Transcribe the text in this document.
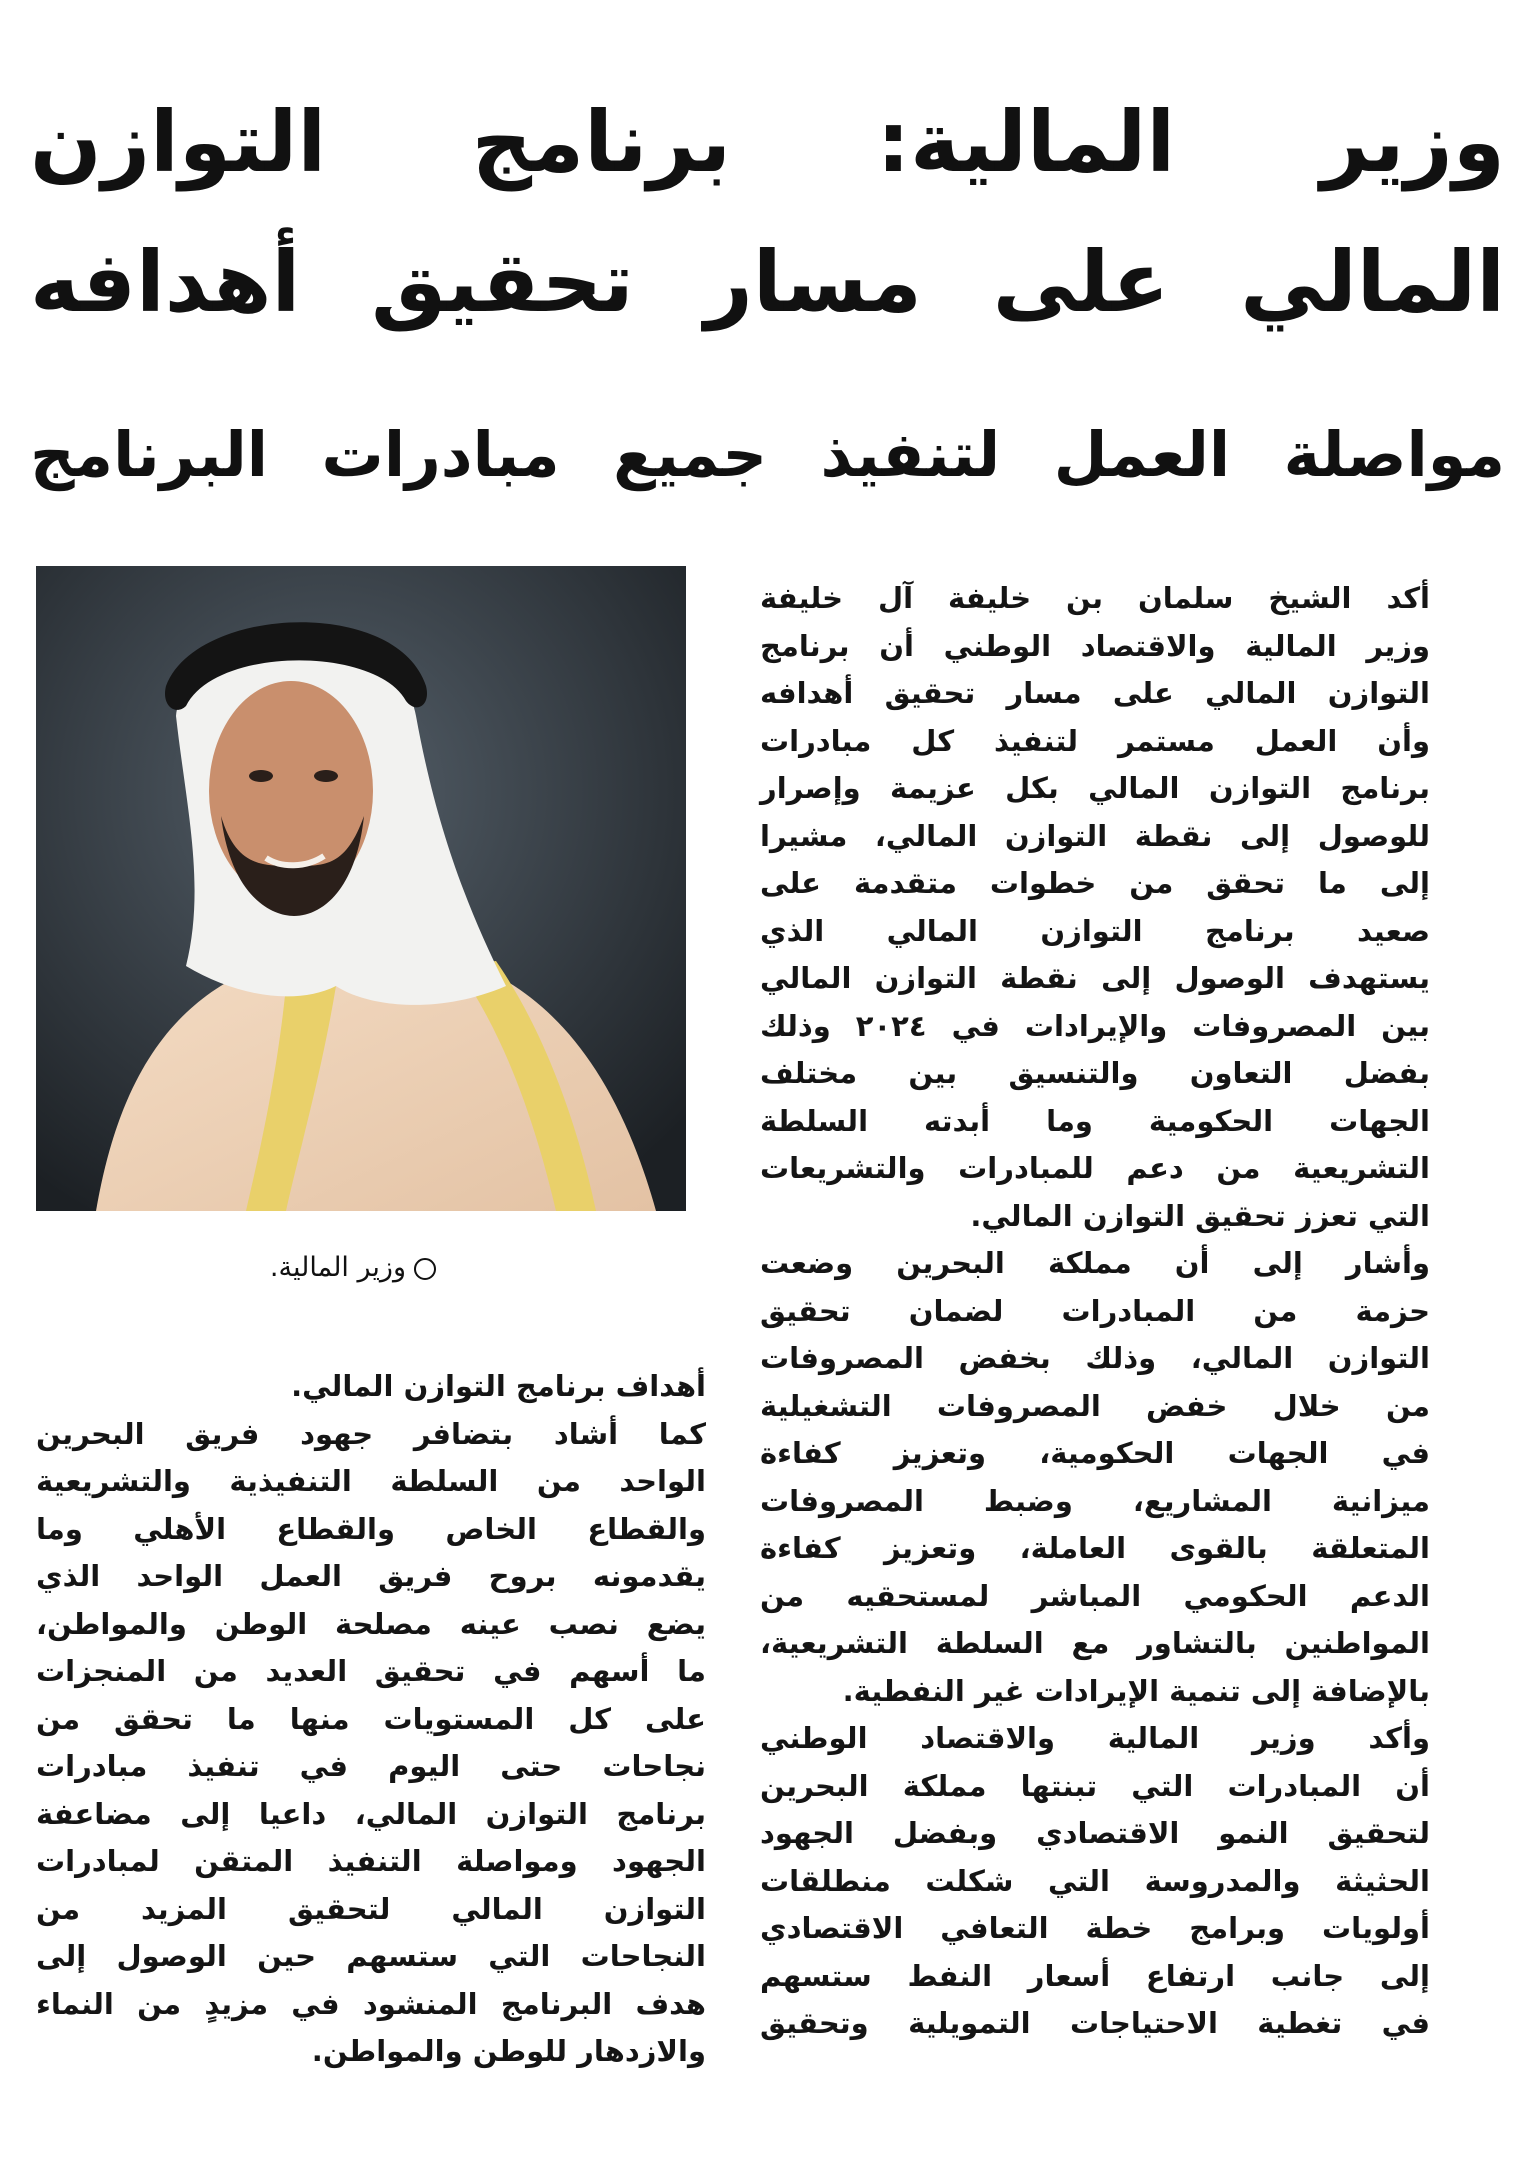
وزير المالية: برنامج التوازن
المالي على مسار تحقيق أهدافه
مواصلة العمل لتنفيذ جميع مبادرات البرنامج
وزير المالية.
أكد الشيخ سلمان بن خليفة آل خليفة
وزير المالية والاقتصاد الوطني أن برنامج
التوازن المالي على مسار تحقيق أهدافه
وأن العمل مستمر لتنفيذ كل مبادرات
برنامج التوازن المالي بكل عزيمة وإصرار
للوصول إلى نقطة التوازن المالي، مشيرا
إلى ما تحقق من خطوات متقدمة على
صعيد برنامج التوازن المالي الذي
يستهدف الوصول إلى نقطة التوازن المالي
بين المصروفات والإيرادات في ٢٠٢٤ وذلك
بفضل التعاون والتنسيق بين مختلف
الجهات الحكومية وما أبدته السلطة
التشريعية من دعم للمبادرات والتشريعات
التي تعزز تحقيق التوازن المالي.
وأشار إلى أن مملكة البحرين وضعت
حزمة من المبادرات لضمان تحقيق
التوازن المالي، وذلك بخفض المصروفات
من خلال خفض المصروفات التشغيلية
في الجهات الحكومية، وتعزيز كفاءة
ميزانية المشاريع، وضبط المصروفات
المتعلقة بالقوى العاملة، وتعزيز كفاءة
الدعم الحكومي المباشر لمستحقيه من
المواطنين بالتشاور مع السلطة التشريعية،
بالإضافة إلى تنمية الإيرادات غير النفطية.
وأكد وزير المالية والاقتصاد الوطني
أن المبادرات التي تبنتها مملكة البحرين
لتحقيق النمو الاقتصادي وبفضل الجهود
الحثيثة والمدروسة التي شكلت منطلقات
أولويات وبرامج خطة التعافي الاقتصادي
إلى جانب ارتفاع أسعار النفط ستسهم
في تغطية الاحتياجات التمويلية وتحقيق
أهداف برنامج التوازن المالي.
كما أشاد بتضافر جهود فريق البحرين
الواحد من السلطة التنفيذية والتشريعية
والقطاع الخاص والقطاع الأهلي وما
يقدمونه بروح فريق العمل الواحد الذي
يضع نصب عينه مصلحة الوطن والمواطن،
ما أسهم في تحقيق العديد من المنجزات
على كل المستويات منها ما تحقق من
نجاحات حتى اليوم في تنفيذ مبادرات
برنامج التوازن المالي، داعيا إلى مضاعفة
الجهود ومواصلة التنفيذ المتقن لمبادرات
التوازن المالي لتحقيق المزيد من
النجاحات التي ستسهم حين الوصول إلى
هدف البرنامج المنشود في مزيدٍ من النماء
والازدهار للوطن والمواطن.
